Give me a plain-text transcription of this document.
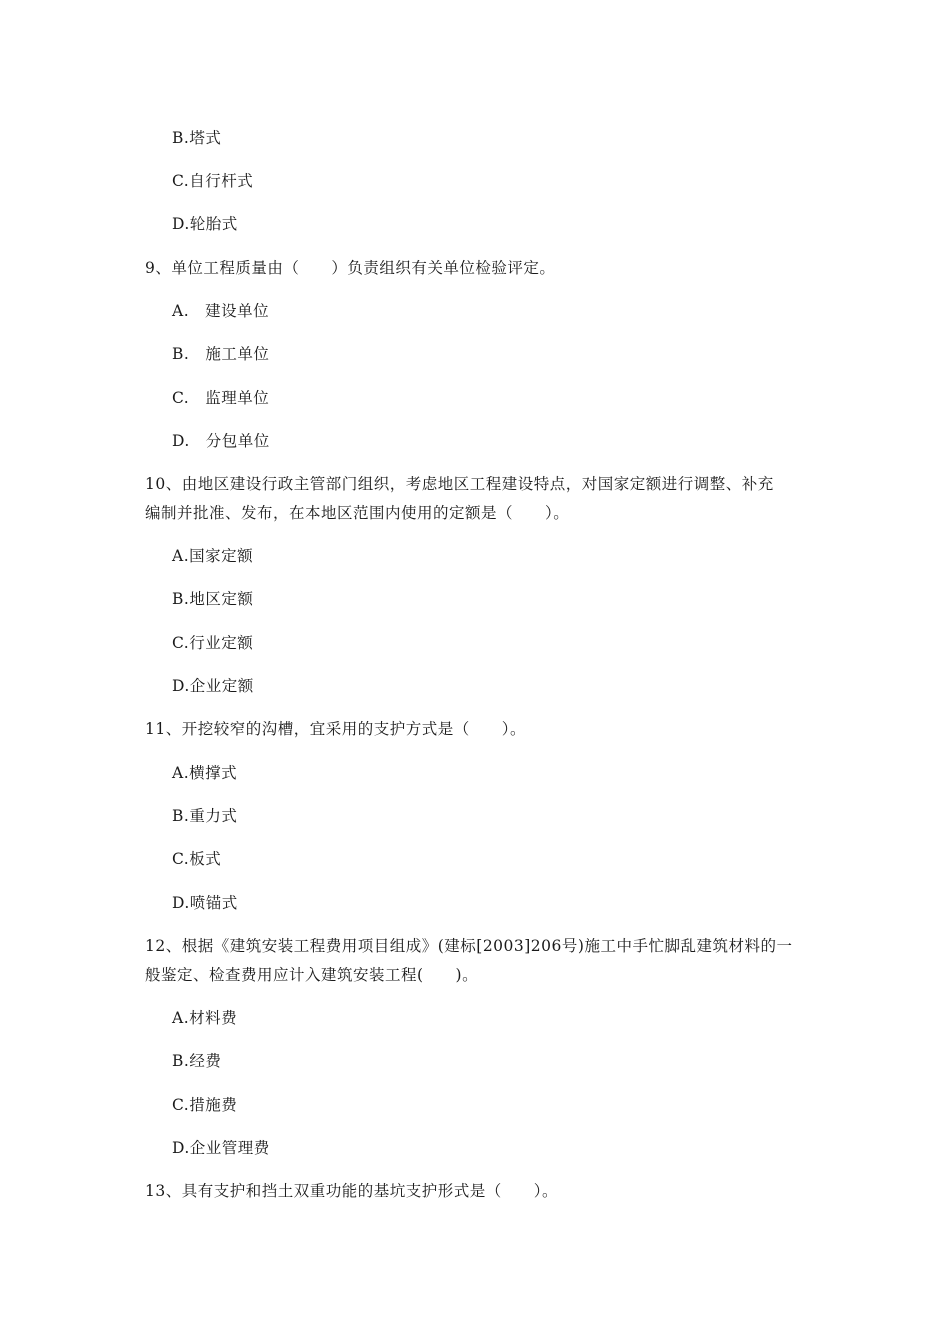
B.塔式
C.自行杆式
D.轮胎式
9、单位工程质量由（　　）负责组织有关单位检验评定。
A.　建设单位
B.　施工单位
C.　监理单位
D.　分包单位
10、由地区建设行政主管部门组织，考虑地区工程建设特点，对国家定额进行调整、补充
编制并批准、发布，在本地区范围内使用的定额是（　　）。
A.国家定额
B.地区定额
C.行业定额
D.企业定额
11、开挖较窄的沟槽，宜采用的支护方式是（　　）。
A.横撑式
B.重力式
C.板式
D.喷锚式
12、根据《建筑安装工程费用项目组成》(建标[2003]206号)施工中手忙脚乱建筑材料的一
般鉴定、检查费用应计入建筑安装工程(　　)。
A.材料费
B.经费
C.措施费
D.企业管理费
13、具有支护和挡土双重功能的基坑支护形式是（　　）。
